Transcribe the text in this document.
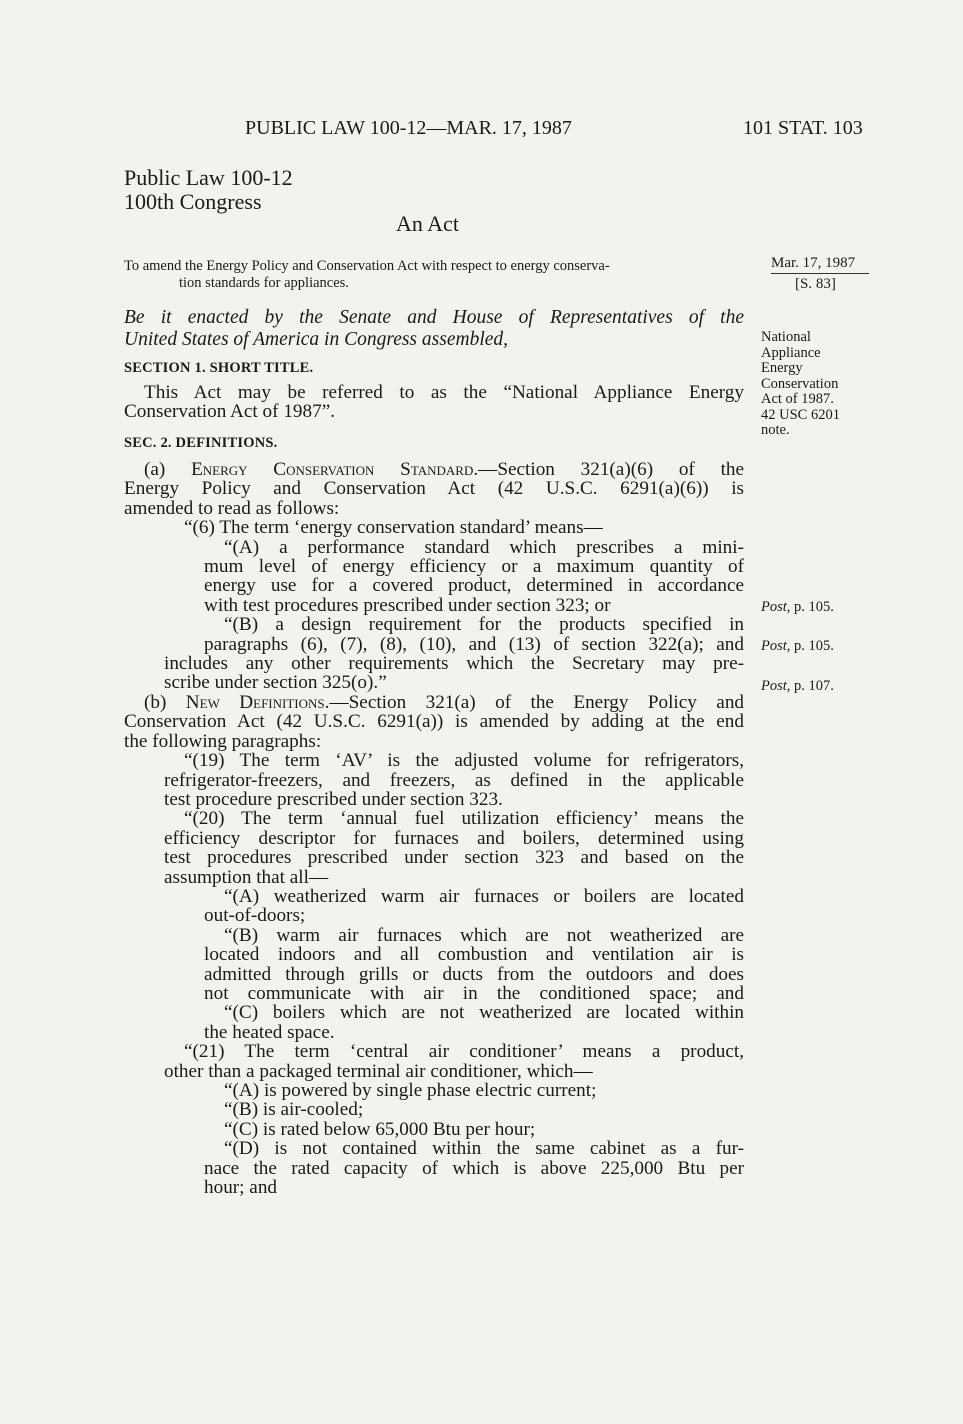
PUBLIC LAW 100-12—MAR. 17, 1987	101 STAT. 103
Public Law 100-12
100th Congress
An Act
To amend the Energy Policy and Conservation Act with respect to energy conserva-
tion standards for appliances.
Mar. 17, 1987
[S. 83]
Be it enacted by the Senate and House of Representatives of the
United States of America in Congress assembled,	National
Appliance
Energy
Conservation
Act of 1987.
42 USC 6201
note.
SECTION 1. SHORT TITLE.
This Act may be referred to as the “National Appliance Energy
Conservation Act of 1987”.
SEC. 2. DEFINITIONS.
(a) Energy Conservation Standard.—Section 321(a)(6) of the
Energy Policy and Conservation Act (42 U.S.C. 6291(a)(6)) is
amended to read as follows:
“(6) The term ‘energy conservation standard’ means—
“(A) a performance standard which prescribes a mini-
mum level of energy efficiency or a maximum quantity of
energy use for a covered product, determined in accordance
with test procedures prescribed under section 323; or
“(B) a design requirement for the products specified in
paragraphs (6), (7), (8), (10), and (13) of section 322(a); and
includes any other requirements which the Secretary may pre-
scribe under section 325(o).”
(b) New Definitions.—Section 321(a) of the Energy Policy and
Conservation Act (42 U.S.C. 6291(a)) is amended by adding at the end
the following paragraphs:
“(19) The term ‘AV’ is the adjusted volume for refrigerators,
refrigerator-freezers, and freezers, as defined in the applicable
test procedure prescribed under section 323.
“(20) The term ‘annual fuel utilization efficiency’ means the
efficiency descriptor for furnaces and boilers, determined using
test procedures prescribed under section 323 and based on the
assumption that all—
“(A) weatherized warm air furnaces or boilers are located
out-of-doors;
“(B) warm air furnaces which are not weatherized are
located indoors and all combustion and ventilation air is
admitted through grills or ducts from the outdoors and does
not communicate with air in the conditioned space; and
“(C) boilers which are not weatherized are located within
the heated space.
“(21) The term ‘central air conditioner’ means a product,
other than a packaged terminal air conditioner, which—
“(A) is powered by single phase electric current;
“(B) is air-cooled;
“(C) is rated below 65,000 Btu per hour;
“(D) is not contained within the same cabinet as a fur-
nace the rated capacity of which is above 225,000 Btu per
hour; and
Post, p. 105.
Post, p. 105.
Post, p. 107.
